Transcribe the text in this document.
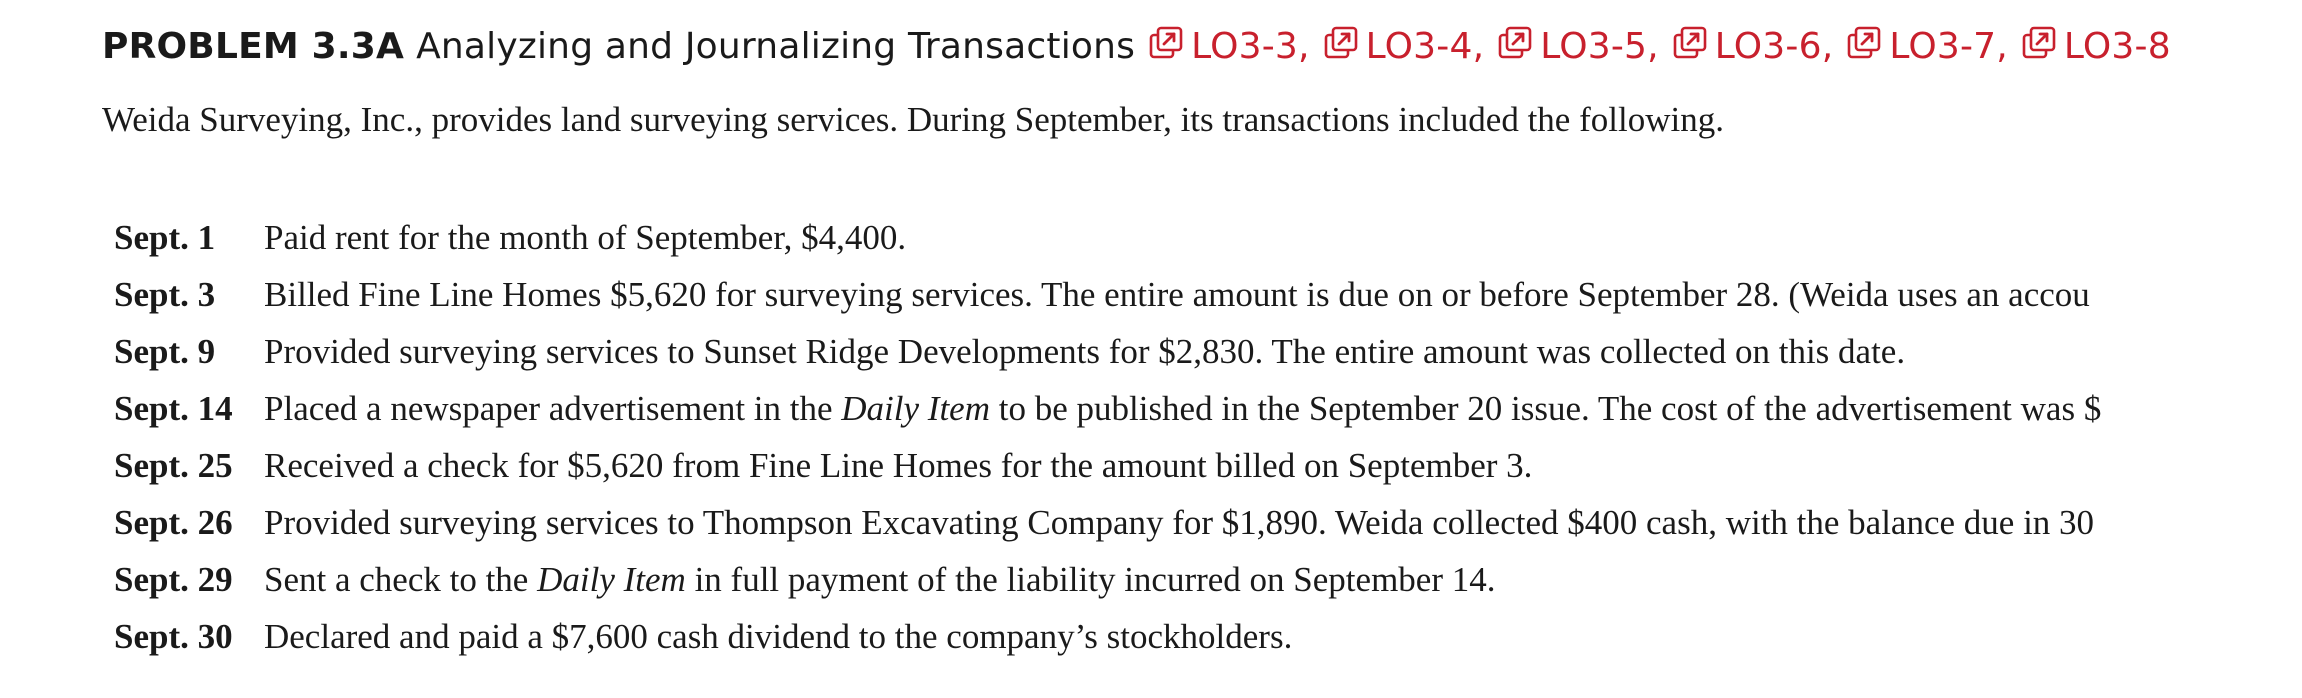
PROBLEM 3.3A Analyzing and Journalizing Transactions LO3-3, LO3-4, LO3-5, LO3-6, LO3-7, LO3-8
Weida Surveying, Inc., provides land surveying services. During September, its transactions included the following.
Sept. 1	Paid rent for the month of September, $4,400.
Sept. 3	Billed Fine Line Homes $5,620 for surveying services. The entire amount is due on or before September 28. (Weida uses an accou
Sept. 9	Provided surveying services to Sunset Ridge Developments for $2,830. The entire amount was collected on this date.
Sept. 14 Placed a newspaper advertisement in the Daily Item to be published in the September 20 issue. The cost of the advertisement was $
Sept. 25 Received a check for $5,620 from Fine Line Homes for the amount billed on September 3.
Sept. 26 Provided surveying services to Thompson Excavating Company for $1,890. Weida collected $400 cash, with the balance due in 30
Sept. 29 Sent a check to the Daily Item in full payment of the liability incurred on September 14.
Sept. 30 Declared and paid a $7,600 cash dividend to the company’s stockholders.
